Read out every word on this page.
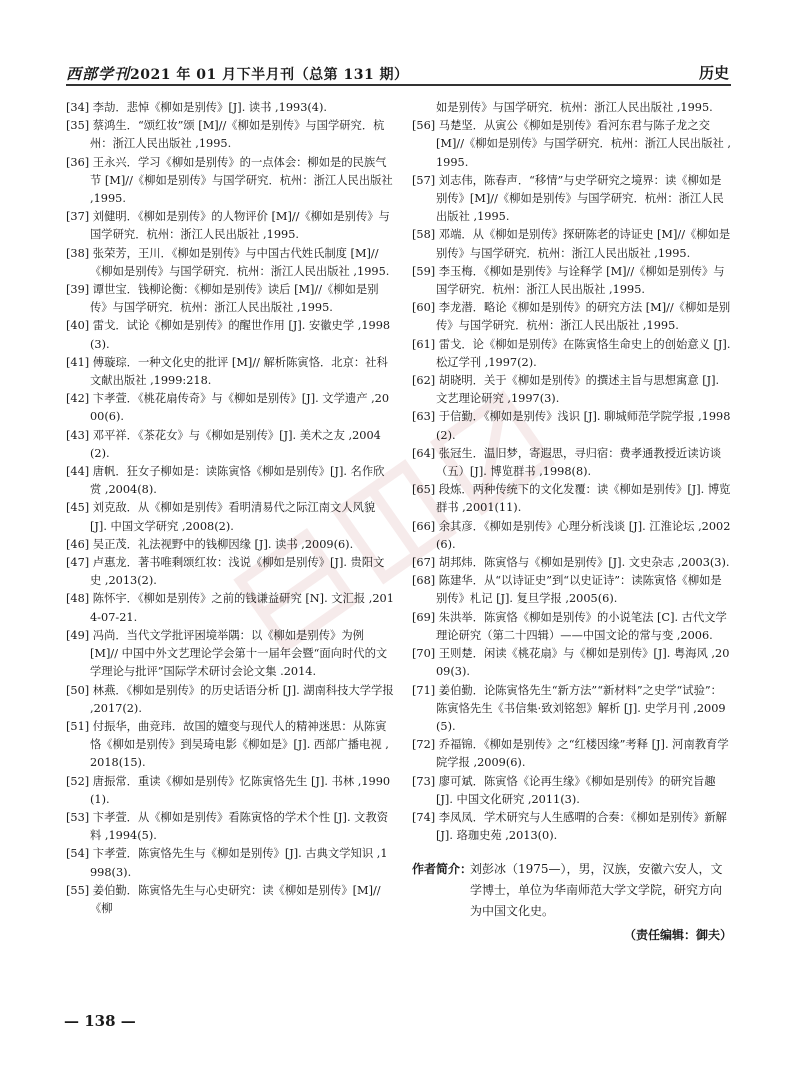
西部学刊2021 年 01 月下半月刊（总第 131 期）	历史

[34] 李劼．悲悼《柳如是别传》[J]. 读书 ,1993(4).

[35] 蔡鸿生．“颂红妆”颂 [M]//《柳如是别传》与国学研究．杭州：浙江人民出版社 ,1995.

[36] 王永兴．学习《柳如是别传》的一点体会：柳如是的民族气节 [M]//《柳如是别传》与国学研究．杭州：浙江人民出版社 ,1995.

[37] 刘健明．《柳如是别传》的人物评价 [M]//《柳如是别传》与国学研究．杭州：浙江人民出版社 ,1995.

[38] 张荣芳，王川．《柳如是别传》与中国古代姓氏制度 [M]//《柳如是别传》与国学研究．杭州：浙江人民出版社 ,1995.

[39] 谭世宝．钱柳论衡：《柳如是别传》读后 [M]//《柳如是别传》与国学研究．杭州：浙江人民出版社 ,1995.

[40] 雷戈．试论《柳如是别传》的醒世作用 [J]. 安徽史学 ,1998(3).

[41] 傅璇琮．一种文化史的批评 [M]// 解析陈寅恪．北京：社科文献出版社 ,1999:218.

[42] 卞孝萱．《桃花扇传奇》与《柳如是别传》[J]. 文学遗产 ,2000(6).

[43] 邓平祥．《茶花女》与《柳如是别传》[J]. 美术之友 ,2004(2).

[44] 唐帆．狂女子柳如是：读陈寅恪《柳如是别传》[J]. 名作欣赏 ,2004(8).

[45] 刘克敌．从《柳如是别传》看明清易代之际江南文人风貌 [J]. 中国文学研究 ,2008(2).

[46] 吴正茂．礼法视野中的钱柳因缘 [J]. 读书 ,2009(6).

[47] 卢惠龙．著书唯剩颂红妆：浅说《柳如是别传》[J]. 贵阳文史 ,2013(2).

[48] 陈怀宇．《柳如是别传》之前的钱谦益研究 [N]. 文汇报 ,2014-07-21.

[49] 冯尚．当代文学批评困境举隅：以《柳如是别传》为例 [M]// 中国中外文艺理论学会第十一届年会暨“面向时代的文学理论与批评”国际学术研讨会论文集 .2014.

[50] 林燕．《柳如是别传》的历史话语分析 [J]. 湖南科技大学学报 ,2017(2).

[51] 付振华，曲竞玮．故国的嬗变与现代人的精神迷思：从陈寅恪《柳如是别传》到吴琦电影《柳如是》[J]. 西部广播电视 ,2018(15).

[52] 唐振常．重读《柳如是别传》忆陈寅恪先生 [J]. 书林 ,1990(1).

[53] 卞孝萱．从《柳如是别传》看陈寅恪的学术个性 [J]. 文教资料 ,1994(5).

[54] 卞孝萱．陈寅恪先生与《柳如是别传》[J]. 古典文学知识 ,1998(3).

[55] 姜伯勤．陈寅恪先生与心史研究：读《柳如是别传》[M]//《柳

如是别传》与国学研究．杭州：浙江人民出版社 ,1995.

[56] 马楚坚．从寅公《柳如是别传》看河东君与陈子龙之交 [M]//《柳如是别传》与国学研究．杭州：浙江人民出版社 ,1995.

[57] 刘志伟，陈春声．“移情”与史学研究之境界：读《柳如是别传》[M]//《柳如是别传》与国学研究．杭州：浙江人民出版社 ,1995.

[58] 邓端．从《柳如是别传》探研陈老的诗证史 [M]//《柳如是别传》与国学研究．杭州：浙江人民出版社 ,1995.

[59] 李玉梅．《柳如是别传》与诠释学 [M]//《柳如是别传》与国学研究．杭州：浙江人民出版社 ,1995.

[60] 李龙潜．略论《柳如是别传》的研究方法 [M]//《柳如是别传》与国学研究．杭州：浙江人民出版社 ,1995.

[61] 雷戈．论《柳如是别传》在陈寅恪生命史上的创始意义 [J]. 松辽学刊 ,1997(2).

[62] 胡晓明．关于《柳如是别传》的撰述主旨与思想寓意 [J]. 文艺理论研究 ,1997(3).

[63] 于信勤．《柳如是别传》浅识 [J]. 聊城师范学院学报 ,1998(2).

[64] 张冠生．温旧梦，寄遐思，寻归宿：费孝通教授近读访谈（五）[J]. 博览群书 ,1998(8).

[65] 段炼．两种传统下的文化发覆：读《柳如是别传》[J]. 博览群书 ,2001(11).

[66] 余其彦．《柳如是别传》心理分析浅谈 [J]. 江淮论坛 ,2002(6).

[67] 胡邦炜．陈寅恪与《柳如是别传》[J]. 文史杂志 ,2003(3).

[68] 陈建华．从“以诗证史”到“以史证诗”：读陈寅恪《柳如是别传》札记 [J]. 复旦学报 ,2005(6).

[69] 朱洪举．陈寅恪《柳如是别传》的小说笔法 [C]. 古代文学理论研究（第二十四辑）——中国文论的常与变 ,2006.

[70] 王则楚．闲读《桃花扇》与《柳如是别传》[J]. 粤海风 ,2009(3).

[71] 姜伯勤．论陈寅恪先生“新方法”“新材料”之史学“试验”：陈寅恪先生《书信集·致刘铭恕》解析 [J]. 史学月刊 ,2009(5).

[72] 乔福锦．《柳如是别传》之“红楼因缘”考释 [J]. 河南教育学院学报 ,2009(6).

[73] 廖可斌．陈寅恪《论再生缘》《柳如是别传》的研究旨趣 [J]. 中国文化研究 ,2011(3).

[74] 李凤凤．学术研究与人生感喟的合奏：《柳如是别传》新解 [J]. 珞珈史苑 ,2013(0).

作者简介：
刘彭冰（1975—），男，汉族，安徽六安人，文学博士，单位为华南师范大学文学院，研究方向为中国文化史。
（责任编辑：御夫）
— 138 —
